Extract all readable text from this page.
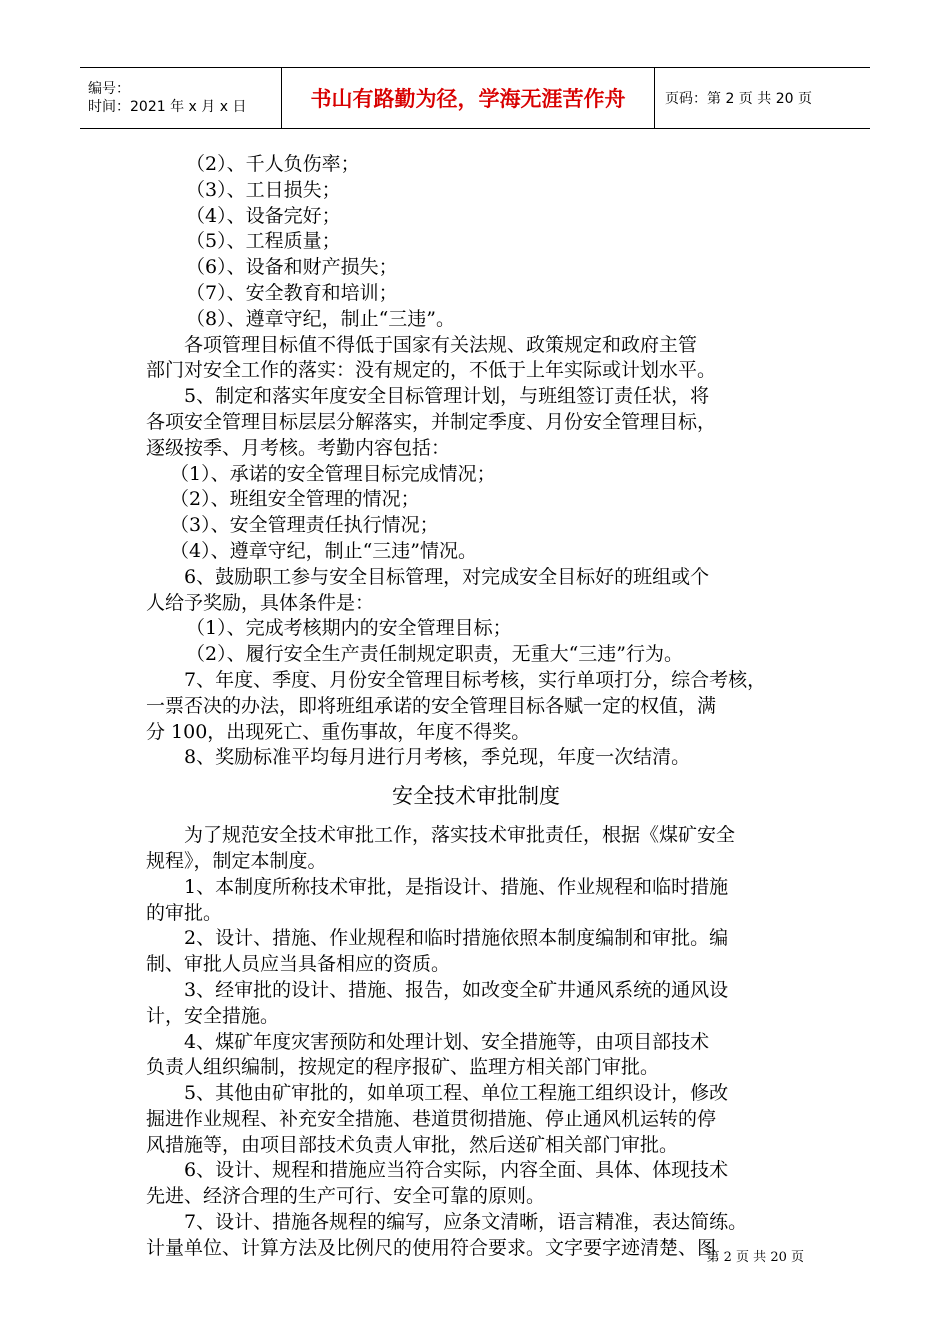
编号：
时间：2021 年 x 月 x 日	书山有路勤为径，学海无涯苦作舟	页码：第 2 页 共 20 页
（2）、千人负伤率；
（3）、工日损失；
（4）、设备完好；
（5）、工程质量；
（6）、设备和财产损失；
（7）、安全教育和培训；
（8）、遵章守纪，制止“三违”。
各项管理目标值不得低于国家有关法规、政策规定和政府主管
部门对安全工作的落实：没有规定的，不低于上年实际或计划水平。
5、制定和落实年度安全目标管理计划，与班组签订责任状，将
各项安全管理目标层层分解落实，并制定季度、月份安全管理目标，
逐级按季、月考核。考勤内容包括：
（1）、承诺的安全管理目标完成情况；
（2）、班组安全管理的情况；
（3）、安全管理责任执行情况；
（4）、遵章守纪，制止“三违”情况。
6、鼓励职工参与安全目标管理，对完成安全目标好的班组或个
人给予奖励，具体条件是：
（1）、完成考核期内的安全管理目标；
（2）、履行安全生产责任制规定职责，无重大“三违”行为。
7、年度、季度、月份安全管理目标考核，实行单项打分，综合考核，
一票否决的办法，即将班组承诺的安全管理目标各赋一定的权值，满
分 100，出现死亡、重伤事故，年度不得奖。
8、奖励标准平均每月进行月考核，季兑现，年度一次结清。
安全技术审批制度
为了规范安全技术审批工作，落实技术审批责任，根据《煤矿安全
规程》，制定本制度。
1、本制度所称技术审批，是指设计、措施、作业规程和临时措施
的审批。
2、设计、措施、作业规程和临时措施依照本制度编制和审批。编
制、审批人员应当具备相应的资质。
3、经审批的设计、措施、报告，如改变全矿井通风系统的通风设
计，安全措施。
4、煤矿年度灾害预防和处理计划、安全措施等，由项目部技术
负责人组织编制，按规定的程序报矿、监理方相关部门审批。
5、其他由矿审批的，如单项工程、单位工程施工组织设计，修改
掘进作业规程、补充安全措施、巷道贯彻措施、停止通风机运转的停
风措施等，由项目部技术负责人审批，然后送矿相关部门审批。
6、设计、规程和措施应当符合实际，内容全面、具体、体现技术
先进、经济合理的生产可行、安全可靠的原则。
7、设计、措施各规程的编写，应条文清晰，语言精准，表达简练。
计量单位、计算方法及比例尺的使用符合要求。文字要字迹清楚、图
第 2 页 共 20 页
